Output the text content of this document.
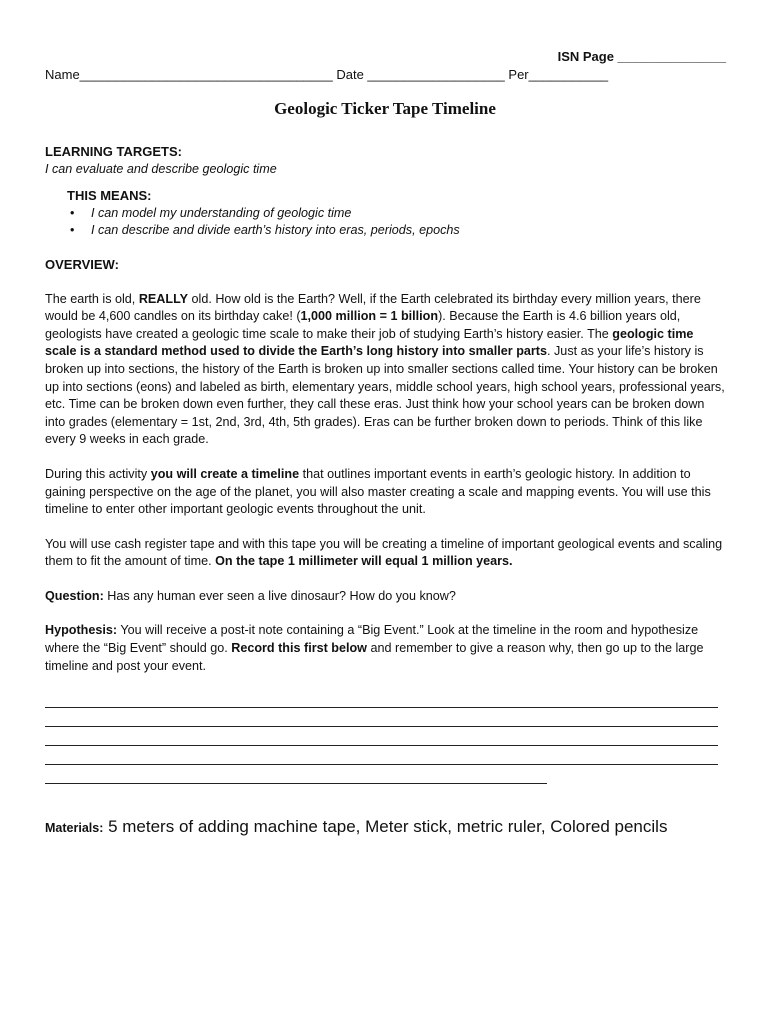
ISN Page _______________
Name___________________________________ Date ___________________ Per___________
Geologic Ticker Tape Timeline
LEARNING TARGETS:
I can evaluate and describe geologic time
THIS MEANS:
• I can model my understanding of geologic time
• I can describe and divide earth’s history into eras, periods, epochs
OVERVIEW:
The earth is old, REALLY old. How old is the Earth? Well, if the Earth celebrated its birthday every million years, there would be 4,600 candles on its birthday cake! (1,000 million = 1 billion). Because the Earth is 4.6 billion years old, geologists have created a geologic time scale to make their job of studying Earth’s history easier. The geologic time scale is a standard method used to divide the Earth’s long history into smaller parts. Just as your life’s history is broken up into sections, the history of the Earth is broken up into smaller sections called time. Your history can be broken up into sections (eons) and labeled as birth, elementary years, middle school years, high school years, professional years, etc. Time can be broken down even further, they call these eras. Just think how your school years can be broken down into grades (elementary = 1st, 2nd, 3rd, 4th, 5th grades). Eras can be further broken down to periods. Think of this like every 9 weeks in each grade.
During this activity you will create a timeline that outlines important events in earth’s geologic history. In addition to gaining perspective on the age of the planet, you will also master creating a scale and mapping events. You will use this timeline to enter other important geologic events throughout the unit.
You will use cash register tape and with this tape you will be creating a timeline of important geological events and scaling them to fit the amount of time. On the tape 1 millimeter will equal 1 million years.
Question: Has any human ever seen a live dinosaur? How do you know?
Hypothesis: You will receive a post-it note containing a “Big Event.” Look at the timeline in the room and hypothesize where the “Big Event” should go. Record this first below and remember to give a reason why, then go up to the large timeline and post your event.
Materials: 5 meters of adding machine tape, Meter stick, metric ruler, Colored pencils
